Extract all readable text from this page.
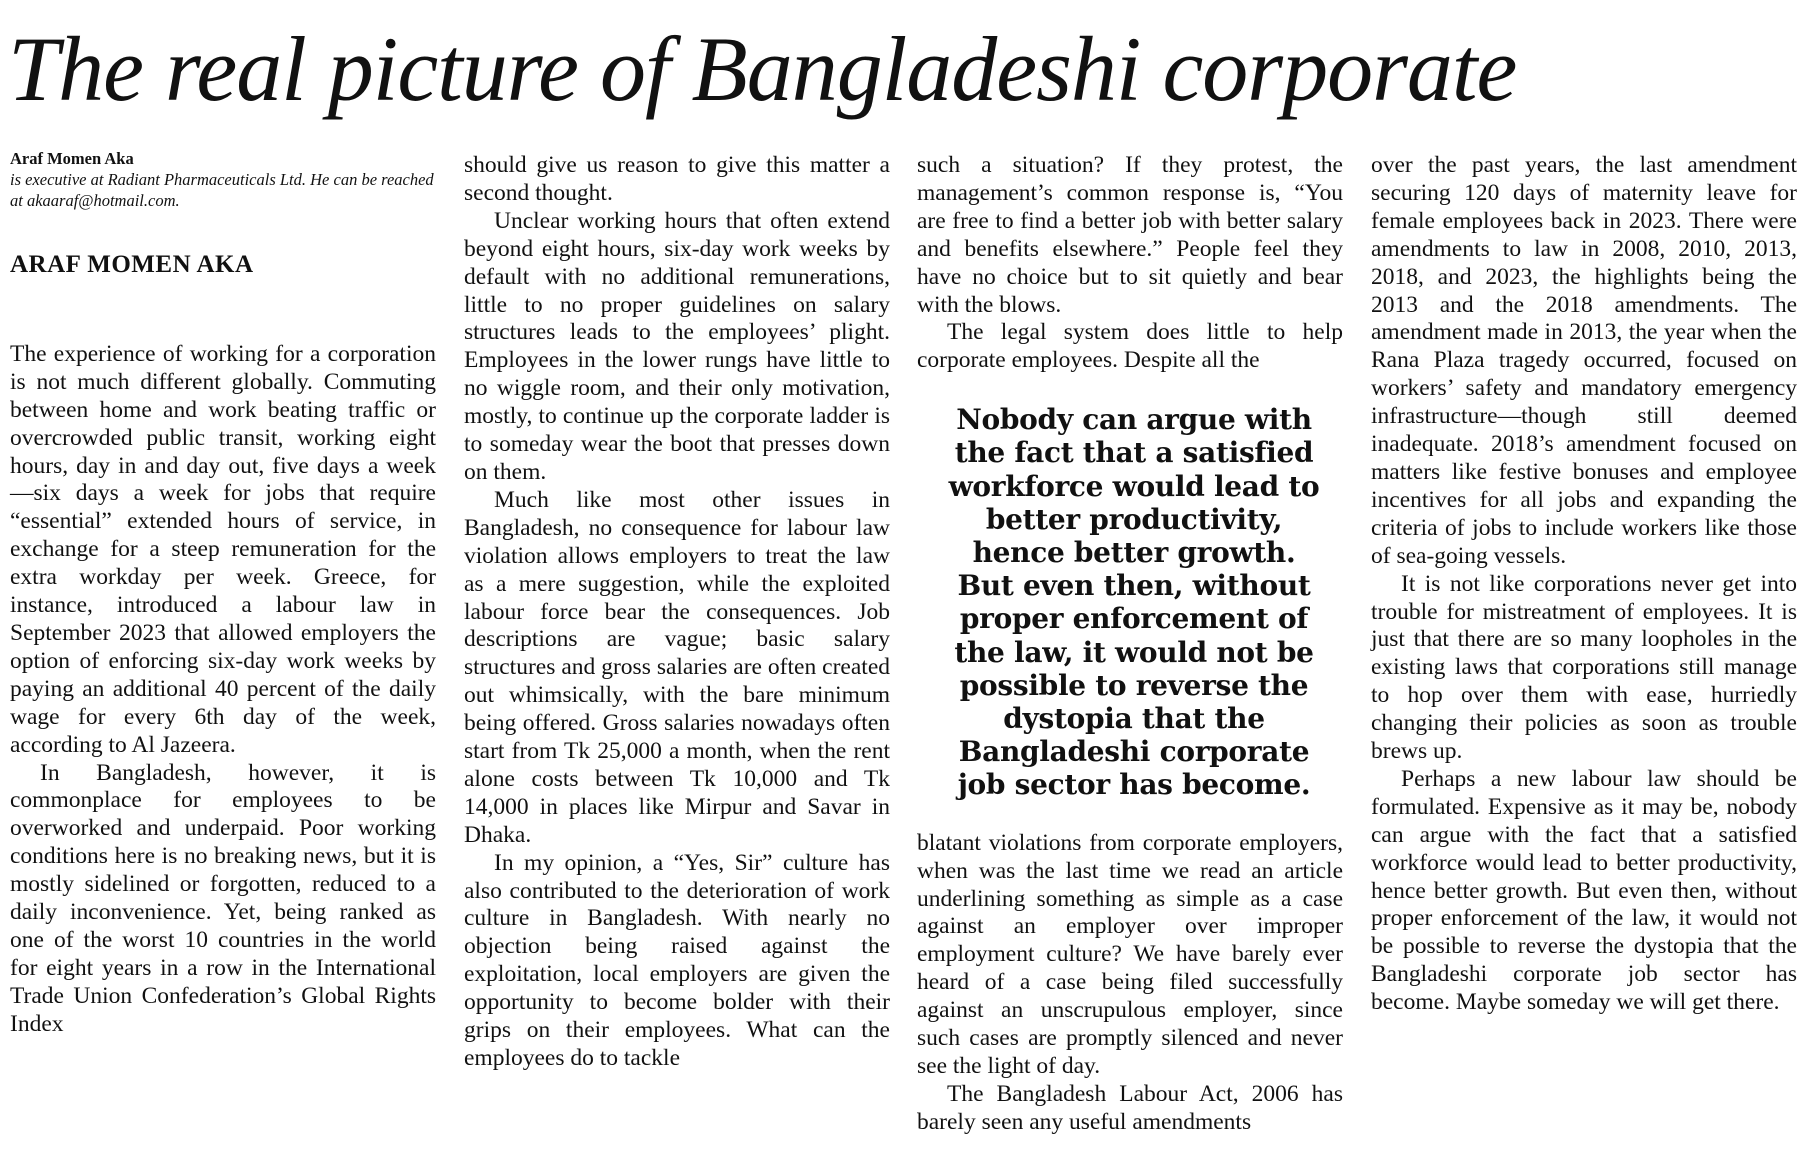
The real picture of Bangladeshi corporate
Araf Momen Aka
is executive at Radiant Pharmaceuticals Ltd. He can be reached at akaaraf@hotmail.com.
ARAF MOMEN AKA

The experience of working for a corporation is not much different globally. Commuting between home and work beating traffic or overcrowded public transit, working eight hours, day in and day out, five days a week—six days a week for jobs that require “essential” extended hours of service, in exchange for a steep remuneration for the extra workday per week. Greece, for instance, introduced a labour law in September 2023 that allowed employers the option of enforcing six-day work weeks by paying an additional 40 percent of the daily wage for every 6th day of the week, according to Al Jazeera.

In Bangladesh, however, it is commonplace for employees to be overworked and underpaid. Poor working conditions here is no breaking news, but it is mostly sidelined or forgotten, reduced to a daily inconvenience. Yet, being ranked as one of the worst 10 countries in the world for eight years in a row in the International Trade Union Confederation’s Global Rights Index

should give us reason to give this matter a second thought.

Unclear working hours that often extend beyond eight hours, six-day work weeks by default with no additional remunerations, little to no proper guidelines on salary structures leads to the employees’ plight. Employees in the lower rungs have little to no wiggle room, and their only motivation, mostly, to continue up the corporate ladder is to someday wear the boot that presses down on them.

Much like most other issues in Bangladesh, no consequence for labour law violation allows employers to treat the law as a mere suggestion, while the exploited labour force bear the consequences. Job descriptions are vague; basic salary structures and gross salaries are often created out whimsically, with the bare minimum being offered. Gross salaries nowadays often start from Tk 25,000 a month, when the rent alone costs between Tk 10,000 and Tk 14,000 in places like Mirpur and Savar in Dhaka.

In my opinion, a “Yes, Sir” culture has also contributed to the deterioration of work culture in Bangladesh. With nearly no objection being raised against the exploitation, local employers are given the opportunity to become bolder with their grips on their employees. What can the employees do to tackle

such a situation? If they protest, the management’s common response is, “You are free to find a better job with better salary and benefits elsewhere.” People feel they have no choice but to sit quietly and bear with the blows.

The legal system does little to help corporate employees. Despite all the

Nobody can argue with the fact that a satisfied workforce would lead to better productivity, hence better growth. But even then, without proper enforcement of the law, it would not be possible to reverse the dystopia that the Bangladeshi corporate job sector has become.

blatant violations from corporate employers, when was the last time we read an article underlining something as simple as a case against an employer over improper employment culture? We have barely ever heard of a case being filed successfully against an unscrupulous employer, since such cases are promptly silenced and never see the light of day.

The Bangladesh Labour Act, 2006 has barely seen any useful amendments

over the past years, the last amendment securing 120 days of maternity leave for female employees back in 2023. There were amendments to law in 2008, 2010, 2013, 2018, and 2023, the highlights being the 2013 and the 2018 amendments. The amendment made in 2013, the year when the Rana Plaza tragedy occurred, focused on workers’ safety and mandatory emergency infrastructure—though still deemed inadequate. 2018’s amendment focused on matters like festive bonuses and employee incentives for all jobs and expanding the criteria of jobs to include workers like those of sea-going vessels.

It is not like corporations never get into trouble for mistreatment of employees. It is just that there are so many loopholes in the existing laws that corporations still manage to hop over them with ease, hurriedly changing their policies as soon as trouble brews up.

Perhaps a new labour law should be formulated. Expensive as it may be, nobody can argue with the fact that a satisfied workforce would lead to better productivity, hence better growth. But even then, without proper enforcement of the law, it would not be possible to reverse the dystopia that the Bangladeshi corporate job sector has become. Maybe someday we will get there.
